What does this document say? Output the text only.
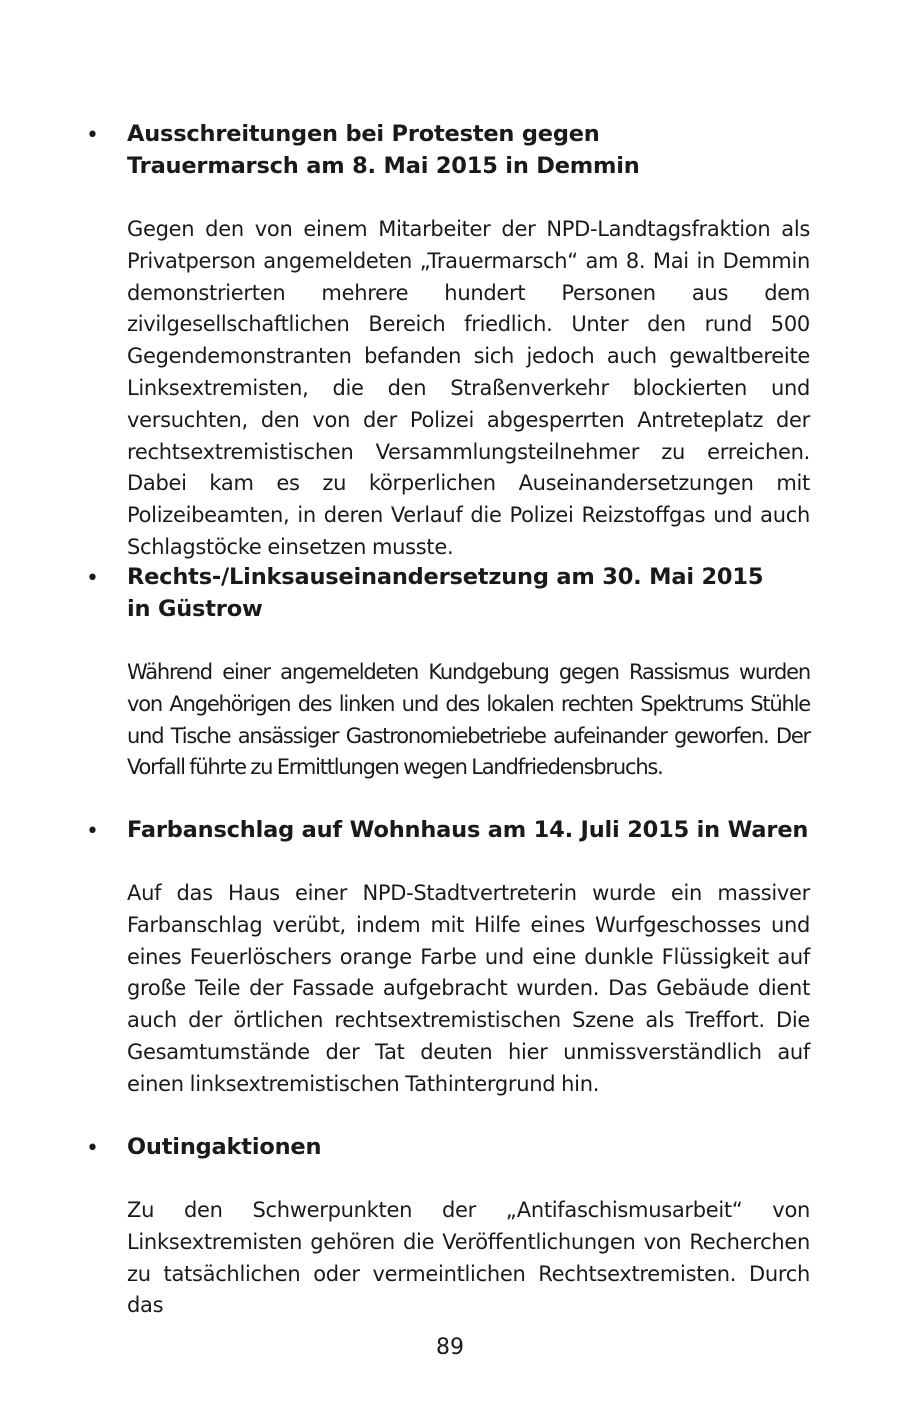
•	Ausschreitungen bei Protesten gegen Trauermarsch am 8. Mai 2015 in Demmin
Gegen den von einem Mitarbeiter der NPD-Landtagsfraktion als Privatperson angemeldeten „Trauermarsch“ am 8. Mai in Demmin demonstrierten mehrere hundert Personen aus dem zivilgesellschaftlichen Bereich friedlich. Unter den rund 500 Gegendemonstranten befanden sich jedoch auch gewaltbereite Linksextremisten, die den Straßenverkehr blockierten und versuchten, den von der Polizei abgesperrten Antreteplatz der rechtsextremistischen Versammlungsteilnehmer zu erreichen. Dabei kam es zu körperlichen Auseinandersetzungen mit Polizeibeamten, in deren Verlauf die Polizei Reizstoffgas und auch Schlagstöcke einsetzen musste.
•	Rechts-/Linksauseinandersetzung am 30. Mai 2015 in Güstrow
Während einer angemeldeten Kundgebung gegen Rassismus wurden von Angehörigen des linken und des lokalen rechten Spektrums Stühle und Tische ansässiger Gastronomiebetriebe aufeinander geworfen. Der Vorfall führte zu Ermittlungen wegen Landfriedensbruchs.
•	Farbanschlag auf Wohnhaus am 14. Juli 2015 in Waren
Auf das Haus einer NPD-Stadtvertreterin wurde ein massiver Farbanschlag verübt, indem mit Hilfe eines Wurfgeschosses und eines Feuerlöschers orange Farbe und eine dunkle Flüssigkeit auf große Teile der Fassade aufgebracht wurden. Das Gebäude dient auch der örtlichen rechtsextremistischen Szene als Treffort. Die Gesamtumstände der Tat deuten hier unmissverständlich auf einen linksextremistischen Tathintergrund hin.
•	Outingaktionen
Zu den Schwerpunkten der „Antifaschismusarbeit“ von Linksextremisten gehören die Veröffentlichungen von Recherchen zu tatsächlichen oder vermeintlichen Rechtsextremisten. Durch das
89
